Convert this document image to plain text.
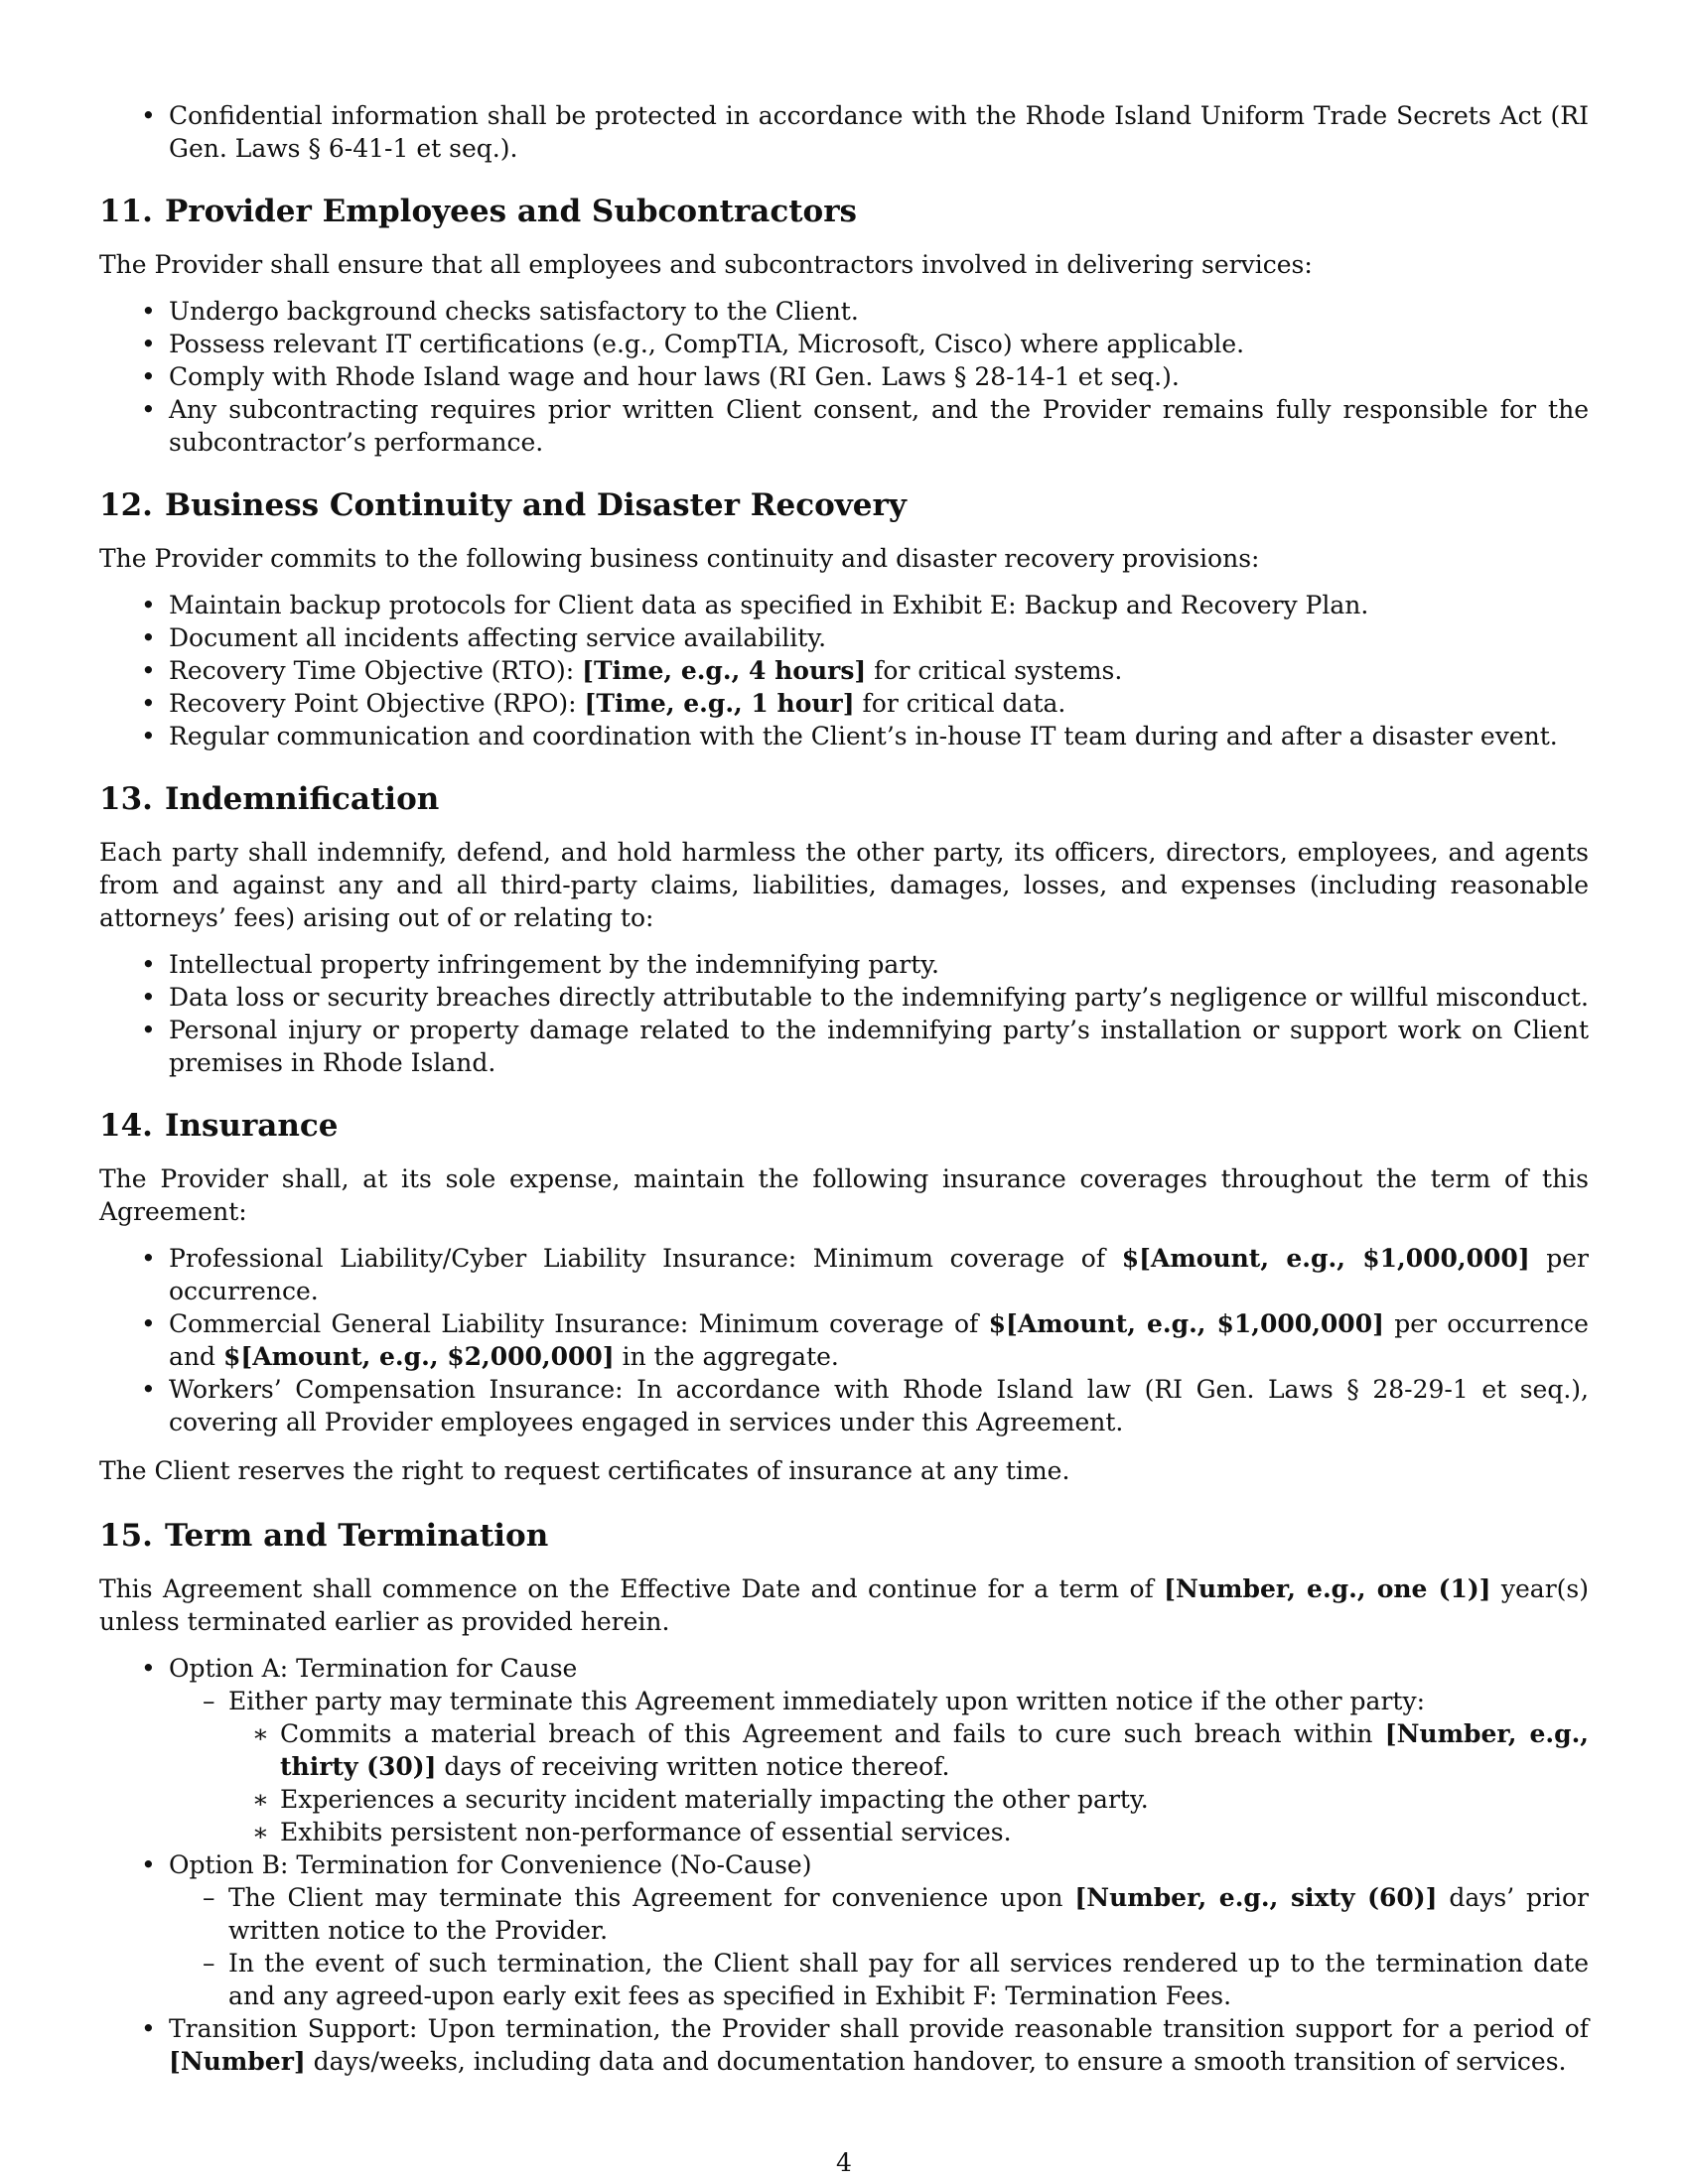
• Confidential information shall be protected in accordance with the Rhode Island Uniform Trade Secrets Act (RI Gen. Laws § 6-41-1 et seq.).
11. Provider Employees and Subcontractors

The Provider shall ensure that all employees and subcontractors involved in delivering services:

• Undergo background checks satisfactory to the Client.
• Possess relevant IT certifications (e.g., CompTIA, Microsoft, Cisco) where applicable.
• Comply with Rhode Island wage and hour laws (RI Gen. Laws § 28-14-1 et seq.).
• Any subcontracting requires prior written Client consent, and the Provider remains fully responsible for the subcontractor’s performance.
12. Business Continuity and Disaster Recovery

The Provider commits to the following business continuity and disaster recovery provisions:

• Maintain backup protocols for Client data as specified in Exhibit E: Backup and Recovery Plan.
• Document all incidents affecting service availability.
• Recovery Time Objective (RTO): [Time, e.g., 4 hours] for critical systems.
• Recovery Point Objective (RPO): [Time, e.g., 1 hour] for critical data.
• Regular communication and coordination with the Client’s in-house IT team during and after a disaster event.
13. Indemnification

Each party shall indemnify, defend, and hold harmless the other party, its officers, directors, employees, and agents from and against any and all third-party claims, liabilities, damages, losses, and expenses (including reasonable attorneys’ fees) arising out of or relating to:

• Intellectual property infringement by the indemnifying party.
• Data loss or security breaches directly attributable to the indemnifying party’s negligence or willful misconduct.
• Personal injury or property damage related to the indemnifying party’s installation or support work on Client premises in Rhode Island.
14. Insurance

The Provider shall, at its sole expense, maintain the following insurance coverages throughout the term of this Agreement:

• Professional Liability/Cyber Liability Insurance: Minimum coverage of $[Amount, e.g., $1,000,000] per occurrence.
• Commercial General Liability Insurance: Minimum coverage of $[Amount, e.g., $1,000,000] per occurrence and $[Amount, e.g., $2,000,000] in the aggregate.
• Workers’ Compensation Insurance: In accordance with Rhode Island law (RI Gen. Laws § 28-29-1 et seq.), covering all Provider employees engaged in services under this Agreement.

The Client reserves the right to request certificates of insurance at any time.

15. Term and Termination

This Agreement shall commence on the Effective Date and continue for a term of [Number, e.g., one (1)] year(s) unless terminated earlier as provided herein.

• Option A: Termination for Cause
– Either party may terminate this Agreement immediately upon written notice if the other party:
∗ Commits a material breach of this Agreement and fails to cure such breach within [Number, e.g., thirty (30)] days of receiving written notice thereof.
∗ Experiences a security incident materially impacting the other party.
∗ Exhibits persistent non-performance of essential services.
• Option B: Termination for Convenience (No-Cause)
– The Client may terminate this Agreement for convenience upon [Number, e.g., sixty (60)] days’ prior written notice to the Provider.
– In the event of such termination, the Client shall pay for all services rendered up to the termination date and any agreed-upon early exit fees as specified in Exhibit F: Termination Fees.
• Transition Support: Upon termination, the Provider shall provide reasonable transition support for a period of [Number] days/weeks, including data and documentation handover, to ensure a smooth transition of services.
4
